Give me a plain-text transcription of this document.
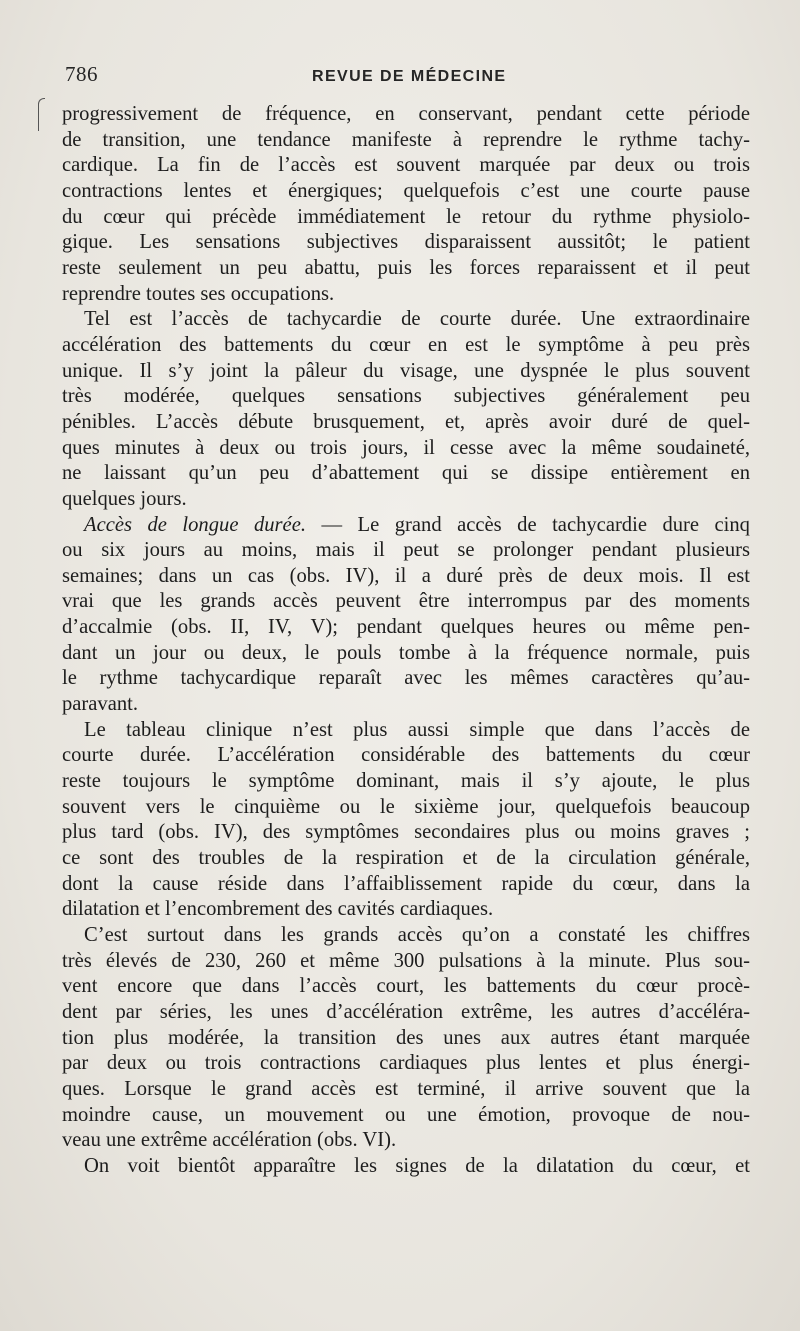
786	REVUE DE MÉDECINE

progressivement de fréquence, en conservant, pendant cette période

de transition, une tendance manifeste à reprendre le rythme tachy-

cardique. La fin de l’accès est souvent marquée par deux ou trois

contractions lentes et énergiques; quelquefois c’est une courte pause

du cœur qui précède immédiatement le retour du rythme physiolo-

gique. Les sensations subjectives disparaissent aussitôt; le patient

reste seulement un peu abattu, puis les forces reparaissent et il peut

reprendre toutes ses occupations.

Tel est l’accès de tachycardie de courte durée. Une extraordinaire

accélération des battements du cœur en est le symptôme à peu près

unique. Il s’y joint la pâleur du visage, une dyspnée le plus souvent

très modérée, quelques sensations subjectives généralement peu

pénibles. L’accès débute brusquement, et, après avoir duré de quel-

ques minutes à deux ou trois jours, il cesse avec la même soudaineté,

ne laissant qu’un peu d’abattement qui se dissipe entièrement en

quelques jours.

Accès de longue durée. — Le grand accès de tachycardie dure cinq

ou six jours au moins, mais il peut se prolonger pendant plusieurs

semaines; dans un cas (obs. IV), il a duré près de deux mois. Il est

vrai que les grands accès peuvent être interrompus par des moments

d’accalmie (obs. II, IV, V); pendant quelques heures ou même pen-

dant un jour ou deux, le pouls tombe à la fréquence normale, puis

le rythme tachycardique reparaît avec les mêmes caractères qu’au-

paravant.

Le tableau clinique n’est plus aussi simple que dans l’accès de

courte durée. L’accélération considérable des battements du cœur

reste toujours le symptôme dominant, mais il s’y ajoute, le plus

souvent vers le cinquième ou le sixième jour, quelquefois beaucoup

plus tard (obs. IV), des symptômes secondaires plus ou moins graves ;

ce sont des troubles de la respiration et de la circulation générale,

dont la cause réside dans l’affaiblissement rapide du cœur, dans la

dilatation et l’encombrement des cavités cardiaques.

C’est surtout dans les grands accès qu’on a constaté les chiffres

très élevés de 230, 260 et même 300 pulsations à la minute. Plus sou-

vent encore que dans l’accès court, les battements du cœur procè-

dent par séries, les unes d’accélération extrême, les autres d’accéléra-

tion plus modérée, la transition des unes aux autres étant marquée

par deux ou trois contractions cardiaques plus lentes et plus énergi-

ques. Lorsque le grand accès est terminé, il arrive souvent que la

moindre cause, un mouvement ou une émotion, provoque de nou-

veau une extrême accélération (obs. VI).

On voit bientôt apparaître les signes de la dilatation du cœur, et
